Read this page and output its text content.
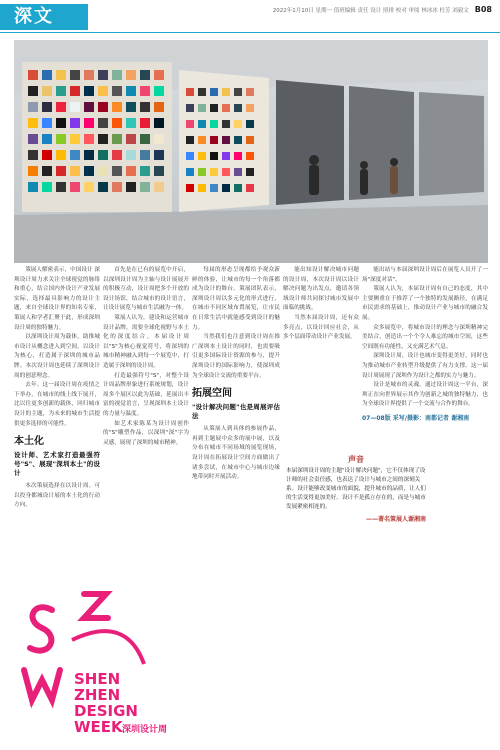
深文	2022年1月10日 星期一 值班编辑 责任 设计 照排 校对 审阅 林冰冰 杜芳 刘毅文 B08

策展人解密表示，中国设计 深圳设计周力求关注全球视觉的脉络和重心，结合国内外设计产业发展实际，选择最具影响力的设计主题，来自全球设计界的知名专家，策展人和学者汇聚于此，形成深圳设计周的独特魅力。

以深圳设计周为载体，助推城市设计从概念进入到空间，以设计为核心，打造属于深圳的城市品牌。本次设计周也延续了深圳设计周的创意理念。

去年。这一届设计周在疫情之下举办，在城市的线上线下展开，比以往更多创新的载体，回归城市设计的主题，为未来的城市生活提供更多选择的可能性。

本土化
设计师、艺术家打造最强符号"S"、展现"深圳本土"的设计

本次策展选择在以设计周。可以投身都城设计展的本土化的行动方向。

首先是在已有的展览中开启，以深圳设计周为主轴与设计展展开的积极互动，设计周把多个开放的设计场馆，结合城市的设计语言，让设计展览与城市生活融为一体。

策展人认为，建设和运营城市设计品牌，需要全球化视野与本土化的深度结合。本届设计周以"S"为核心视觉符号，将深圳的城市精神融入到每一个展览中，打造属于深圳的设计周。

打造最强符号"S"，对整个设计周品牌形象进行系统规划，设计周多个展区以此为基础，延展出丰富的视觉语言，呈现深圳本土设计的力量与温度。

如艺术家陈某为设计周创作的"S"雕塑作品，以深圳"深"字为灵感，展现了深圳的城市精神。

每届的形态呈现都给予观众新鲜的体验，让城市的每一个角落都成为设计的舞台。策展团队表示，深圳设计周以多元化的形式进行，在城市不同区域布置展览，让市民在日常生活中就能感受到设计的魅力。

当然我们也注意到设计周在推广深圳本土设计的同时，也需要吸引更多国际设计资源的参与，提升深圳设计的国际影响力，使深圳成为全球设计交流的重要平台。

拓展空间
"设计解决问题"也是周展评估法

从策展人到具体的参展作品，再到主题展中众多的展中展，以及分布在城市不同场域的展览现场，设计周在拓展设计空间方面做出了诸多尝试，在城市中心与城市边缘地带同时开展活动。

能出知设计解决城市问题的设计周，本次设计周以设计解决问题为出发点，邀请各领域设计师共同探讨城市发展中面临的挑战。

当然本届设计周，还有众多亮点，以设计回应社会，从多个层面带动设计产业发展。

能出站与本届深圳设计周后在展览人员开了一场"深度对话"。

策展人认为，本届设计周有自己的态度，其中主要侧重在于推荐了一个独特的发展路径，在满足市民需求的基础上，推动设计产业与城市的融合发展。

众多展览中，将城市设计的理念与深圳精神完美结合，创造出一个个令人难忘的城市空间，这些空间既有功能性，又充满艺术气息。

深圳设计周，设计也城市变得更美好，同时也为推动城市产业转型升级提供了有力支撑。这一届设计周展现了深圳作为设计之都的实力与魅力。

设计是城市的灵魂。通过设计周这一平台，深圳正在向世界展示其作为创新之城的独特魅力，也为全球设计界提供了一个交流与合作的舞台。

07—08版 采写/摄影：南都记者 谢湘南
声音
本届深圳设计周的主题"设计解决问题"，它不仅体现了设计师的社会责任感，也表达了设计与城市之间的深刻关系。设计能够改变城市的面貌，提升城市的品质，让人们的生活变得更加美好。设计不是孤立存在的，而是与城市发展紧密相连的。
——著名策展人谢湘南
SHEN
ZHEN
DESIGN
WEEK 深圳设计周
